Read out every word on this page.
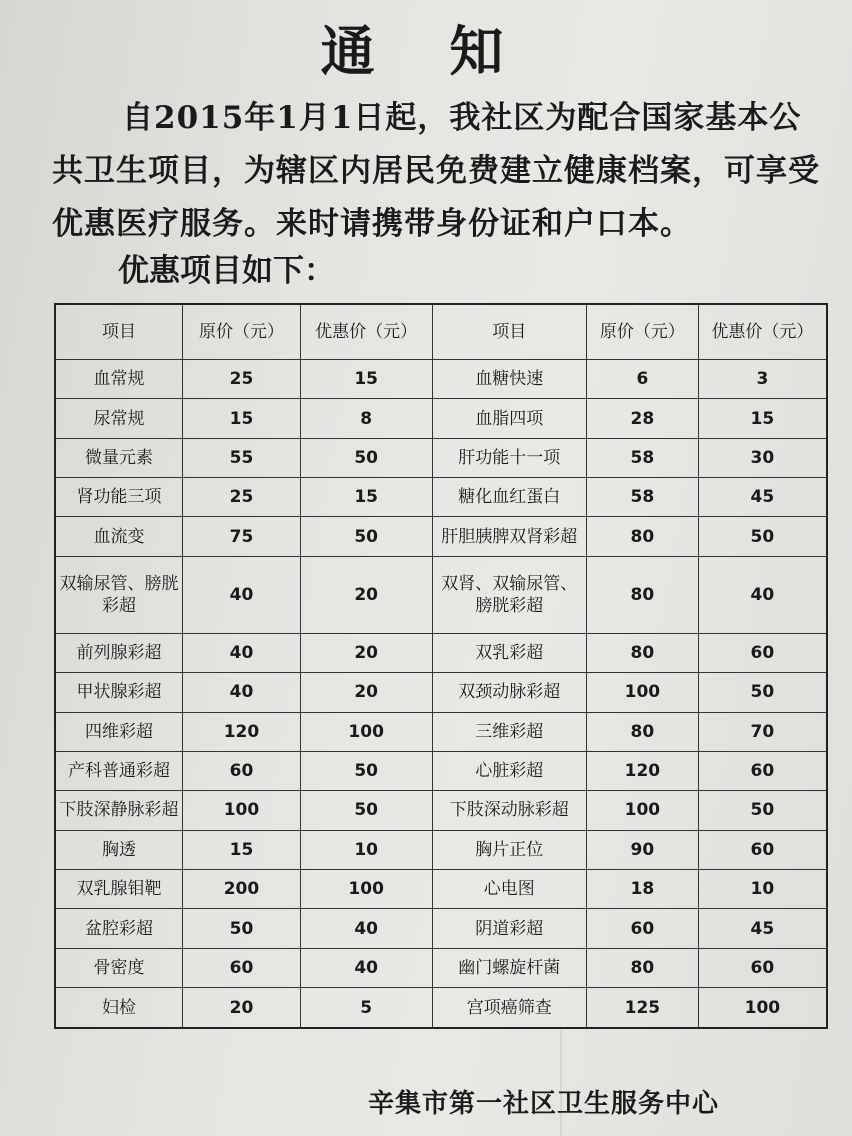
通 知
自2015年1月1日起，我社区为配合国家基本公共卫生项目，为辖区内居民免费建立健康档案，可享受优惠医疗服务。来时请携带身份证和户口本。
优惠项目如下：
项目	原价（元）	优惠价（元）	项目	原价（元）	优惠价（元）
血常规	25	15	血糖快速	6	3
尿常规	15	8	血脂四项	28	15
微量元素	55	50	肝功能十一项	58	30
肾功能三项	25	15	糖化血红蛋白	58	45
血流变	75	50	肝胆胰脾双肾彩超	80	50
双输尿管、膀胱彩超	40	20	双肾、双输尿管、膀胱彩超	80	40
前列腺彩超	40	20	双乳彩超	80	60
甲状腺彩超	40	20	双颈动脉彩超	100	50
四维彩超	120	100	三维彩超	80	70
产科普通彩超	60	50	心脏彩超	120	60
下肢深静脉彩超	100	50	下肢深动脉彩超	100	50
胸透	15	10	胸片正位	90	60
双乳腺钼靶	200	100	心电图	18	10
盆腔彩超	50	40	阴道彩超	60	45
骨密度	60	40	幽门螺旋杆菌	80	60
妇检	20	5	宫项癌筛查	125	100
辛集市第一社区卫生服务中心
